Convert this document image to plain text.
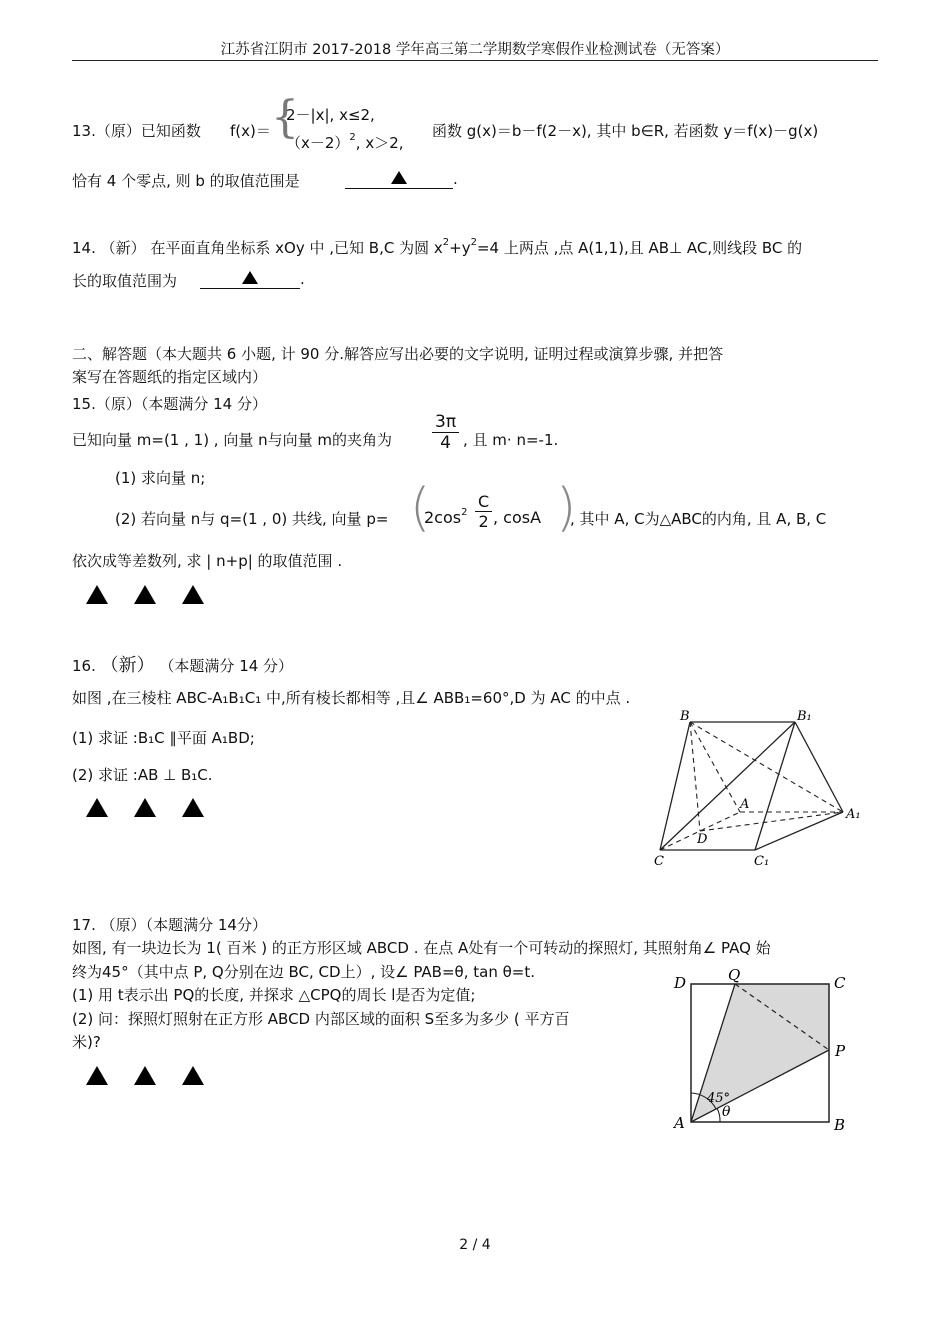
江苏省江阴市 2017-2018 学年高三第二学期数学寒假作业检测试卷（无答案）
13.（原）已知函数 f(x)＝ {
2－|x|, x≤2,
$(x-2)^2$, x＞2,
函数 g(x)＝b－f(2－x), 其中 b∈R, 若函数 y＝f(x)－g(x)
恰有 4 个零点, 则 b 的取值范围是	.
14. （新） 在平面直角坐标系 xOy 中 ,已知 B,C 为圆 $x^2+y^2=4$ 上两点 ,点 A(1,1),且 AB⊥ AC,则线段 BC 的
长的取值范围为	.
二、解答题（本大题共 6 小题, 计 90 分.解答应写出必要的文字说明, 证明过程或演算步骤, 并把答
案写在答题纸的指定区域内）
15.（原）（本题满分 14 分）
已知向量 m=(1 , 1) , 向量 n与向量 m的夹角为 $\frac{3\pi}{4}$ , 且 m· n=-1.
(1) 求向量 n;
(2) 若向量 n与 q=(1 , 0) 共线, 向量 p= (
$2\cos^2 \frac{C}{2}$ , cosA )
, 其中 A, C为△ABC的内角, 且 A, B, C
依次成等差数列, 求 | n+p| 的取值范围 .
16. （新） （本题满分 14 分）
如图 ,在三棱柱 ABC-A₁B₁C₁ 中,所有棱长都相等 ,且∠ ABB₁=60°,D 为 AC 的中点 .
(1) 求证 :B₁C ∥平面 A₁BD;
(2) 求证 :AB ⊥ B₁C.
B	B₁
A
A₁
D
C	C₁
17. （原）（本题满分 14分）
如图, 有一块边长为 1( 百米 ) 的正方形区域 ABCD . 在点 A处有一个可转动的探照灯, 其照射角∠ PAQ 始
终为45°（其中点 P, Q分别在边 BC, CD上）, 设∠ PAB=θ, tan θ=t.
(1) 用 t表示出 PQ的长度, 并探求 △CPQ的周长 l是否为定值;
(2) 问：探照灯照射在正方形 ABCD 内部区域的面积 S至多为多少 ( 平方百
米)?
D	Q	C
P
A	B
45°
θ
2 / 4
